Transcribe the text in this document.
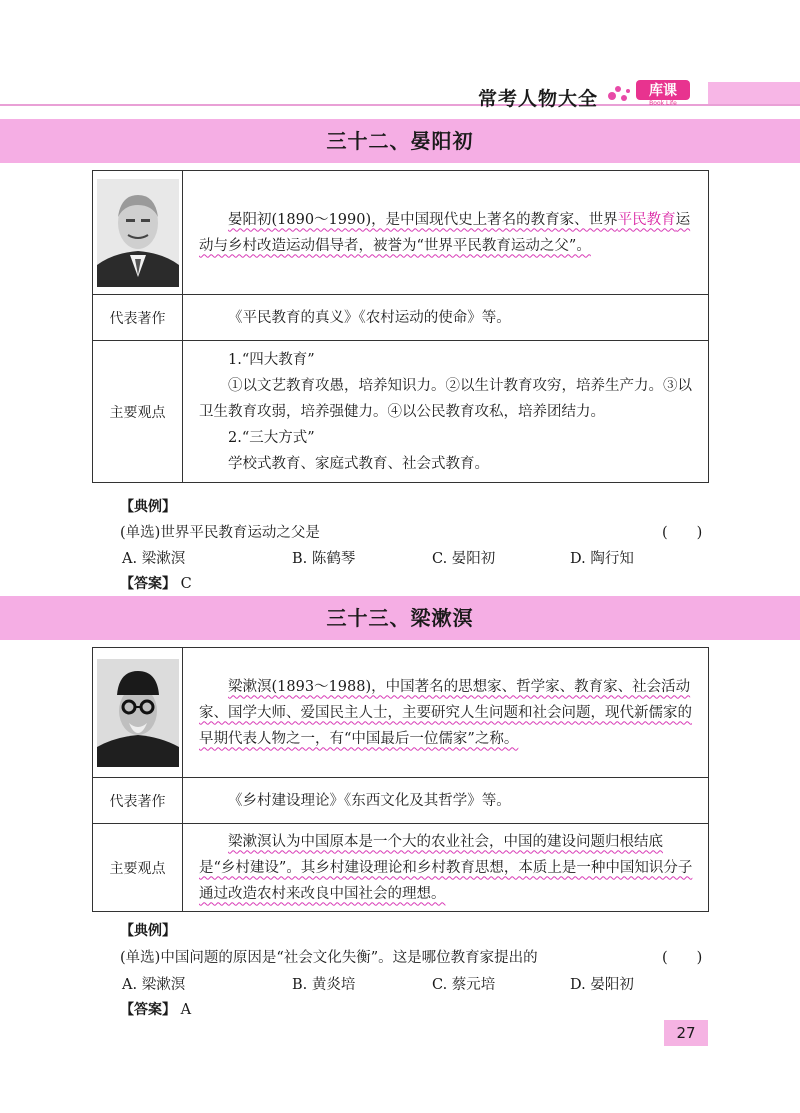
常考人物大全	库课
Book Life
三十二、晏阳初

晏阳初(1890～1990)，是中国现代史上著名的教育家、世界平民教育运动与乡村改造运动倡导者，被誉为“世界平民教育运动之父”。

代表著作	《平民教育的真义》《农村运动的使命》等。

主要观点	1.“四大教育”
①以文艺教育攻愚，培养知识力。②以生计教育攻穷，培养生产力。③以卫生教育攻弱，培养强健力。④以公民教育攻私，培养团结力。
2.“三大方式”
学校式教育、家庭式教育、社会式教育。
【典例】
(单选)世界平民教育运动之父是	(　　)
A. 梁漱溟	B. 陈鹤琴	C. 晏阳初	D. 陶行知
【答案】 C
三十三、梁漱溟

梁漱溟(1893～1988)，中国著名的思想家、哲学家、教育家、社会活动家、国学大师、爱国民主人士，主要研究人生问题和社会问题，现代新儒家的早期代表人物之一，有“中国最后一位儒家”之称。

代表著作	《乡村建设理论》《东西文化及其哲学》等。

主要观点	梁漱溟认为中国原本是一个大的农业社会，中国的建设问题归根结底是“乡村建设”。其乡村建设理论和乡村教育思想，本质上是一种中国知识分子通过改造农村来改良中国社会的理想。
【典例】
(单选)中国问题的原因是“社会文化失衡”。这是哪位教育家提出的	(　　)
A. 梁漱溟	B. 黄炎培	C. 蔡元培	D. 晏阳初
【答案】 A
27
